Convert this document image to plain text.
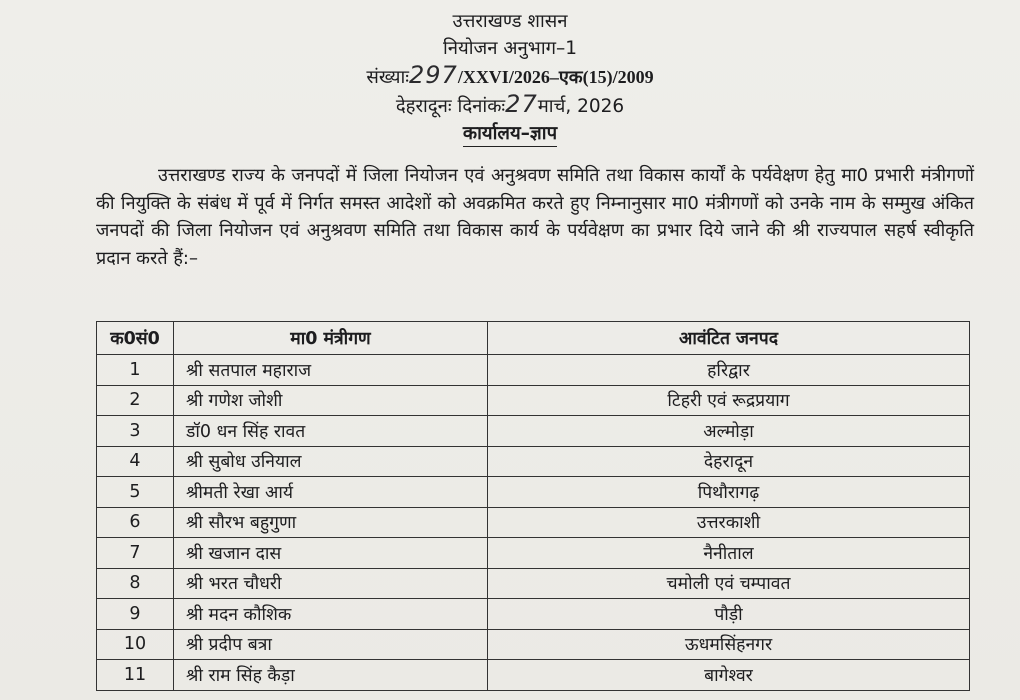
उत्तराखण्ड शासन
नियोजन अनुभाग–1
संख्याः297/XXVI/2026–एक(15)/2009
देहरादूनः दिनांकः27मार्च, 2026
कार्यालय–ज्ञाप
उत्तराखण्ड राज्य के जनपदों में जिला नियोजन एवं अनुश्रवण समिति तथा विकास कार्यों के पर्यवेक्षण हेतु मा0 प्रभारी मंत्रीगणों की नियुक्ति के संबंध में पूर्व में निर्गत समस्त आदेशों को अवक्रमित करते हुए निम्नानुसार मा0 मंत्रीगणों को उनके नाम के सम्मुख अंकित जनपदों की जिला नियोजन एवं अनुश्रवण समिति तथा विकास कार्य के पर्यवेक्षण का प्रभार दिये जाने की श्री राज्यपाल सहर्ष स्वीकृति प्रदान करते हैं:–
क0सं0	मा0 मंत्रीगण	आवंटित जनपद
1	श्री सतपाल महाराज	हरिद्वार
2	श्री गणेश जोशी	टिहरी एवं रूद्रप्रयाग
3	डॉ0 धन सिंह रावत	अल्मोड़ा
4	श्री सुबोध उनियाल	देहरादून
5	श्रीमती रेखा आर्य	पिथौरागढ़
6	श्री सौरभ बहुगुणा	उत्तरकाशी
7	श्री खजान दास	नैनीताल
8	श्री भरत चौधरी	चमोली एवं चम्पावत
9	श्री मदन कौशिक	पौड़ी
10	श्री प्रदीप बत्रा	ऊधमसिंहनगर
11	श्री राम सिंह कैड़ा	बागेश्वर
